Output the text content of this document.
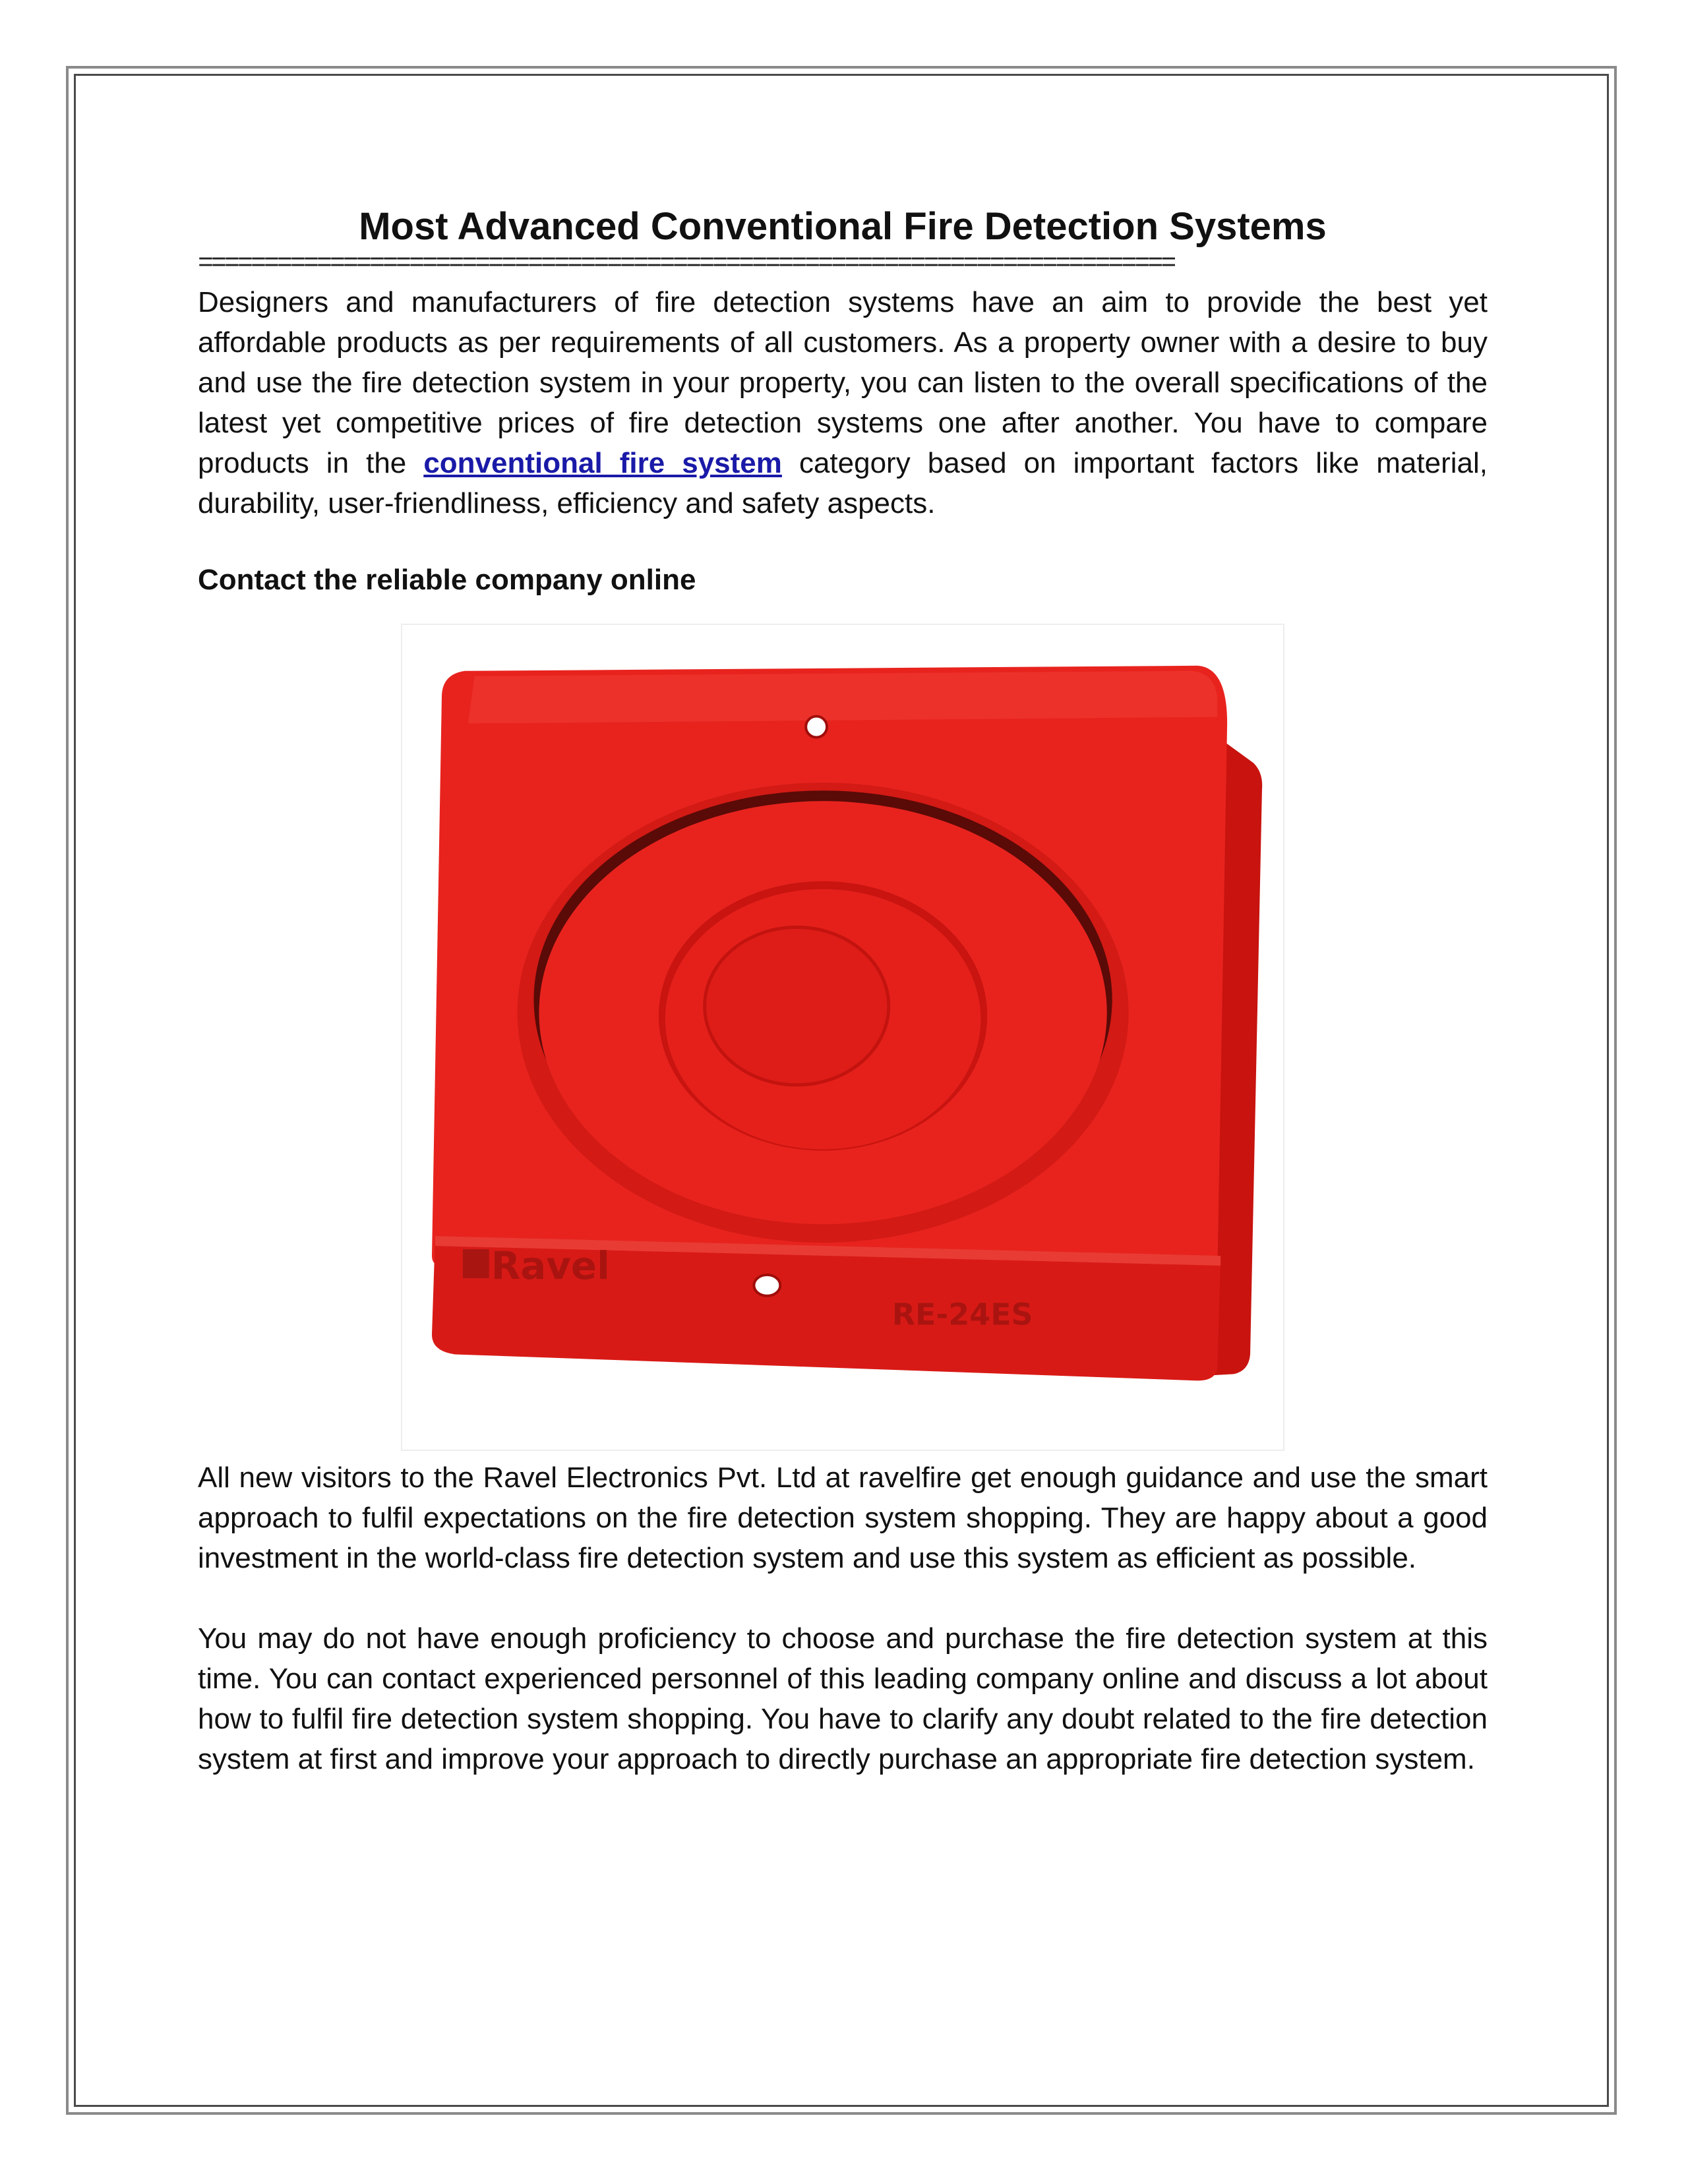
Most Advanced Conventional Fire Detection Systems
==========================================================================

Designers and manufacturers of fire detection systems have an aim to provide the best yet affordable products as per requirements of all customers. As a property owner with a desire to buy and use the fire detection system in your property, you can listen to the overall specifications of the latest yet competitive prices of fire detection systems one after another. You have to compare products in the conventional fire system category based on important factors like material, durability, user-friendliness, efficiency and safety aspects.

Contact the reliable company online
Ravel
RE-24ES

All new visitors to the Ravel Electronics Pvt. Ltd at ravelfire get enough guidance and use the smart approach to fulfil expectations on the fire detection system shopping. They are happy about a good investment in the world-class fire detection system and use this system as efficient as possible.

You may do not have enough proficiency to choose and purchase the fire detection system at this time. You can contact experienced personnel of this leading company online and discuss a lot about how to fulfil fire detection system shopping. You have to clarify any doubt related to the fire detection system at first and improve your approach to directly purchase an appropriate fire detection system.
